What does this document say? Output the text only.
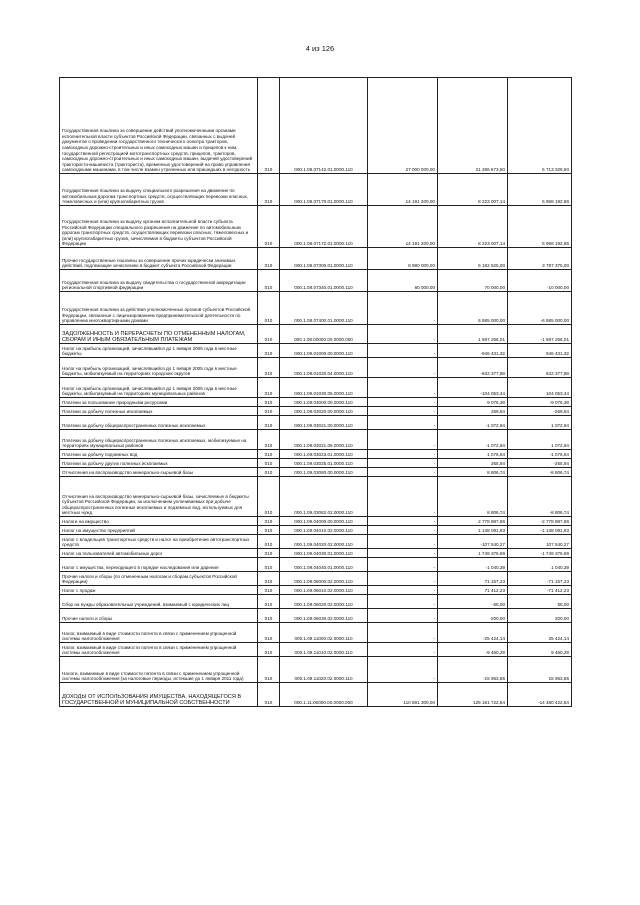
4 из 126
Государственная пошлина за совершение действий уполномоченными органами исполнительной власти субъектов Российской Федерации, связанных с выдачей документов о проведении государственного технического осмотра тракторов, самоходных дорожно-строительных и иных самоходных машин и прицепов к ним, государственной регистрацией мототранспортных средств, прицепов, тракторов, самоходных дорожно-строительных и иных самоходных машин, выдачей удостоверений тракториста-машиниста (тракториста), временных удостоверений на право управления самоходными машинами, в том числе взамен утраченных или пришедших в негодность	010	000.1.08.07142.01.0000.110	27 000 000,00	21 286 673,50	5 713 326,50
Государственная пошлина за выдачу специального разрешения на движение по автомобильным дорогам транспортных средств, осуществляющих перевозки опасных, тяжеловесных и (или) крупногабаритных грузов	010	000.1.08.07170.01.0000.110	14 191 200,00	8 223 007,14	5 968 192,86
Государственная пошлина за выдачу органом исполнительной власти субъекта Российской Федерации специального разрешения на движение по автомобильным дорогам транспортных средств, осуществляющих перевозки опасных, тяжеловесных и (или) крупногабаритных грузов, зачисляемая в бюджеты субъектов Российской Федерации	010	000.1.08.07172.01.0000.110	14 191 200,00	8 223 007,14	5 968 192,86
Прочие государственные пошлины за совершение прочих юридически значимых действий, подлежащие зачислению в бюджет субъекта Российской Федерации	010	000.1.08.07300.01.0000.110	8 980 000,00	5 182 625,00	3 797 375,00
Государственная пошлина за выдачу свидетельства о государственной аккредитации региональной спортивной федерации	010	000.1.08.07340.01.0000.110	60 000,00	70 000,00	-10 000,00
Государственная пошлина за действия уполномоченных органов субъектов Российской Федерации, связанные с лицензированием предпринимательской деятельности по управлению многоквартирными домами	010	000.1.08.07400.01.0000.110	-	6 585 000,00	-6 585 000,00
ЗАДОЛЖЕННОСТЬ И ПЕРЕРАСЧЕТЫ ПО ОТМЕНЕННЫМ НАЛОГАМ, СБОРАМ И ИНЫМ ОБЯЗАТЕЛЬНЫМ ПЛАТЕЖАМ	010	000.1.09.00000.00.0000.000	-	1 687 266,01	-1 687 266,01
Налог на прибыль организаций, зачислявшийся до 1 января 2005 года в местные бюджеты	010	000.1.09.01000.00.0000.110	-	-946 431,32	946 431,32
Налог на прибыль организаций, зачислявшийся до 1 января 2005 года в местные бюджеты, мобилизуемый на территориях городских округов	010	000.1.09.01020.04.0000.110	-	-842 377,88	842 377,88
Налог на прибыль организаций, зачислявшийся до 1 января 2005 года в местные бюджеты, мобилизуемый на территориях муниципальных районов	010	000.1.09.01030.05.0000.110	-	-104 053,44	104 053,44
Платежи за пользование природными ресурсами	010	000.1.09.03000.00.0000.110	-	9 076,38	-9 076,38
Платежи за добычу полезных ископаемых	010	000.1.09.03020.00.0000.110	-	269,64	-269,64
Платежи за добычу общераспространенных полезных ископаемых	010	000.1.09.03021.00.0000.110	-	-1 072,94	1 072,94
Платежи за добычу общераспространенных полезных ископаемых, мобилизуемые на территориях муниципальных районов	010	000.1.09.03021.05.0000.110	-	-1 072,94	1 072,94
Платежи за добычу подземных вод	010	000.1.09.03023.01.0000.110	-	1 076,64	-1 076,64
Платежи за добычу других полезных ископаемых	010	000.1.09.03025.01.0000.110	-	265,94	-265,94
Отчисления на воспроизводство минерально-сырьевой базы	010	000.1.09.03080.00.0000.110	-	8 806,74	-8 806,74
Отчисления на воспроизводство минерально-сырьевой базы, зачисляемые в бюджеты субъектов Российской Федерации, за исключением уплачиваемых при добыче общераспространенных полезных ископаемых и подземных вод, используемых для местных нужд	010	000.1.09.03082.02.0000.110	-	8 806,74	-8 806,74
Налоги на имущество	010	000.1.09.04000.00.0000.110	-	2 778 887,86	-2 778 887,86
Налог на имущество предприятий	010	000.1.09.04010.02.0000.110	-	1 138 091,83	-1 138 091,83
Налог с владельцев транспортных средств и налог на приобретение автотранспортных средств	010	000.1.09.04020.02.0000.110	-	-107 540,27	107 540,27
Налог на пользователей автомобильных дорог	010	000.1.09.04030.01.0000.110	-	1 749 376,69	-1 749 376,69
Налог с имущества, переходящего в порядке наследования или дарения	010	000.1.09.04040.01.0000.110	-	-1 040,39	1 040,39
Прочие налоги и сборы (по отмененным налогам и сборам субъектов Российской Федерации)	010	000.1.09.06000.02.0000.110	-	71 157,23	-71 157,23
Налог с продаж	010	000.1.09.06010.02.0000.110	-	71 412,23	-71 412,23
Сбор на нужды образовательных учреждений, взимаемый с юридических лиц	010	000.1.09.06020.02.0000.110	-	-55,00	55,00
Прочие налоги и сборы	010	000.1.09.06030.02.0000.110	-	-200,00	200,00
Налог, взимаемый в виде стоимости патента в связи с применением упрощенной системы налогообложения	010	000.1.09.11000.02.0000.110	-	-25 424,14	25 424,14
Налог, взимаемый в виде стоимости патента в связи с применением упрощенной системы налогообложения	010	000.1.09.11010.02.0000.110	-	-9 460,29	9 460,29
Налоги, взимаемые в виде стоимости патента в связи с применением упрощенной системы налогообложения (за налоговые периоды, истекшие до 1 января 2011 года)	010	000.1.09.11020.02.0000.110	-	-15 963,85	15 963,85
ДОХОДЫ ОТ ИСПОЛЬЗОВАНИЯ ИМУЩЕСТВА, НАХОДЯЩЕГОСЯ В ГОСУДАРСТВЕННОЙ И МУНИЦИПАЛЬНОЙ СОБСТВЕННОСТИ	010	000.1.11.00000.00.0000.000	110 681 300,00	125 161 722,84	-14 480 422,84
